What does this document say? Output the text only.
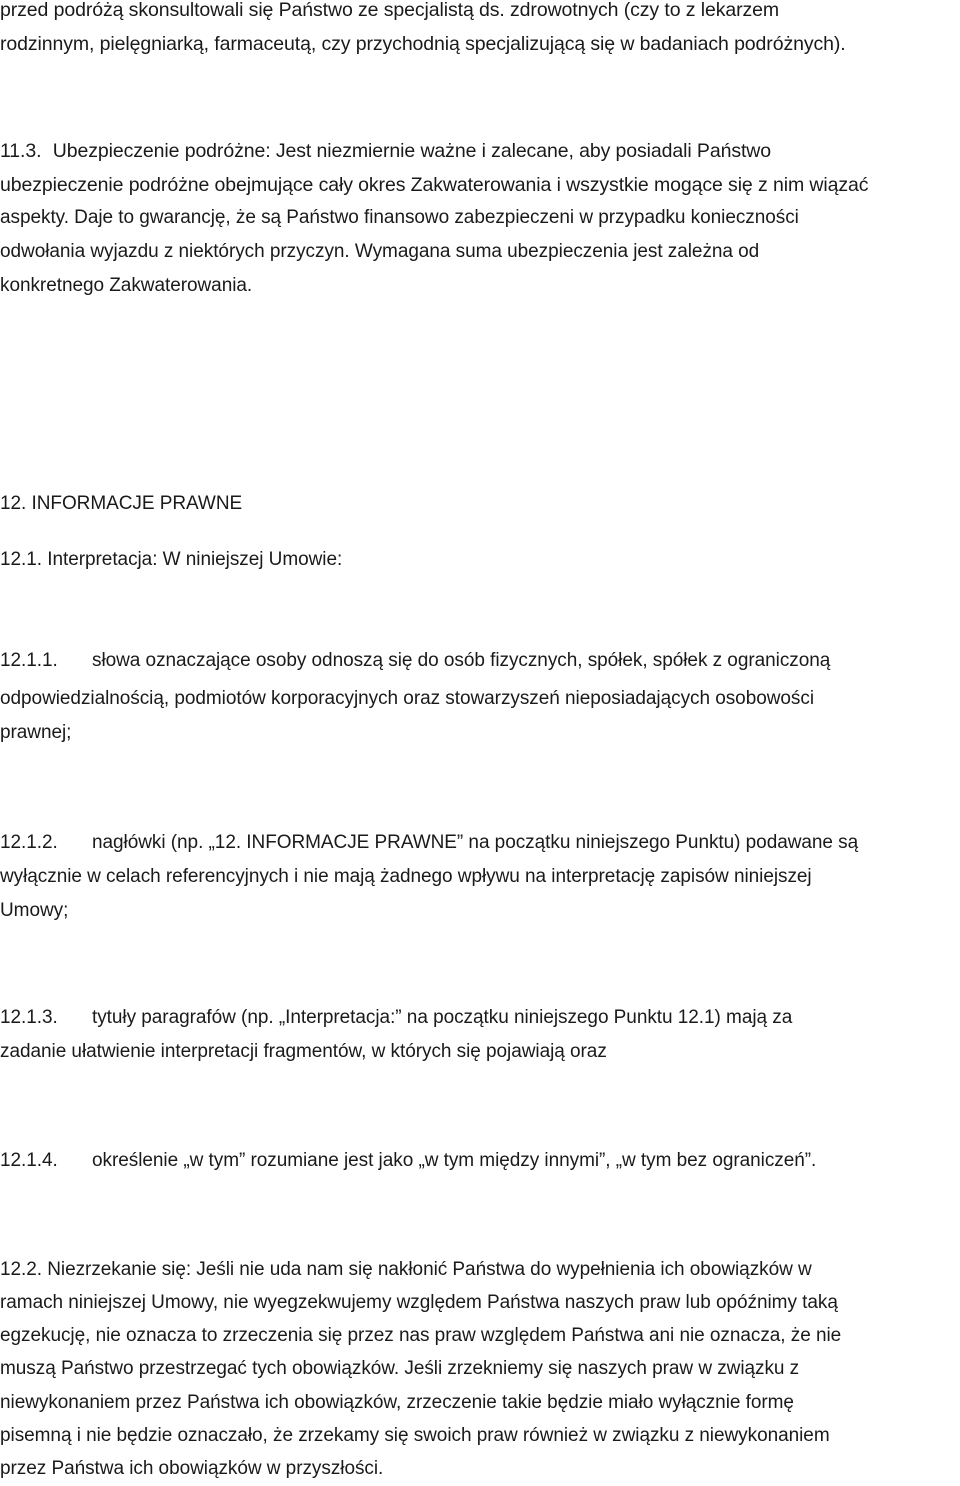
przed podróżą skonsultowali się Państwo ze specjalistą ds. zdrowotnych (czy to z lekarzem
rodzinnym, pielęgniarką, farmaceutą, czy przychodnią specjalizującą się w badaniach podróżnych).
11.3. Ubezpieczenie podróżne: Jest niezmiernie ważne i zalecane, aby posiadali Państwo
ubezpieczenie podróżne obejmujące cały okres Zakwaterowania i wszystkie mogące się z nim wiązać
aspekty. Daje to gwarancję, że są Państwo finansowo zabezpieczeni w przypadku konieczności
odwołania wyjazdu z niektórych przyczyn. Wymagana suma ubezpieczenia jest zależna od
konkretnego Zakwaterowania.
12. INFORMACJE PRAWNE
12.1. Interpretacja: W niniejszej Umowie:
12.1.1. słowa oznaczające osoby odnoszą się do osób fizycznych, spółek, spółek z ograniczoną
odpowiedzialnością, podmiotów korporacyjnych oraz stowarzyszeń nieposiadających osobowości
prawnej;
12.1.2. nagłówki (np. „12. INFORMACJE PRAWNE” na początku niniejszego Punktu) podawane są
wyłącznie w celach referencyjnych i nie mają żadnego wpływu na interpretację zapisów niniejszej
Umowy;
12.1.3. tytuły paragrafów (np. „Interpretacja:” na początku niniejszego Punktu 12.1) mają za
zadanie ułatwienie interpretacji fragmentów, w których się pojawiają oraz
12.1.4. określenie „w tym” rozumiane jest jako „w tym między innymi”, „w tym bez ograniczeń”.
12.2. Niezrzekanie się: Jeśli nie uda nam się nakłonić Państwa do wypełnienia ich obowiązków w
ramach niniejszej Umowy, nie wyegzekwujemy względem Państwa naszych praw lub opóźnimy taką
egzekucję, nie oznacza to zrzeczenia się przez nas praw względem Państwa ani nie oznacza, że nie
muszą Państwo przestrzegać tych obowiązków. Jeśli zrzekniemy się naszych praw w związku z
niewykonaniem przez Państwa ich obowiązków, zrzeczenie takie będzie miało wyłącznie formę
pisemną i nie będzie oznaczało, że zrzekamy się swoich praw również w związku z niewykonaniem
przez Państwa ich obowiązków w przyszłości.
